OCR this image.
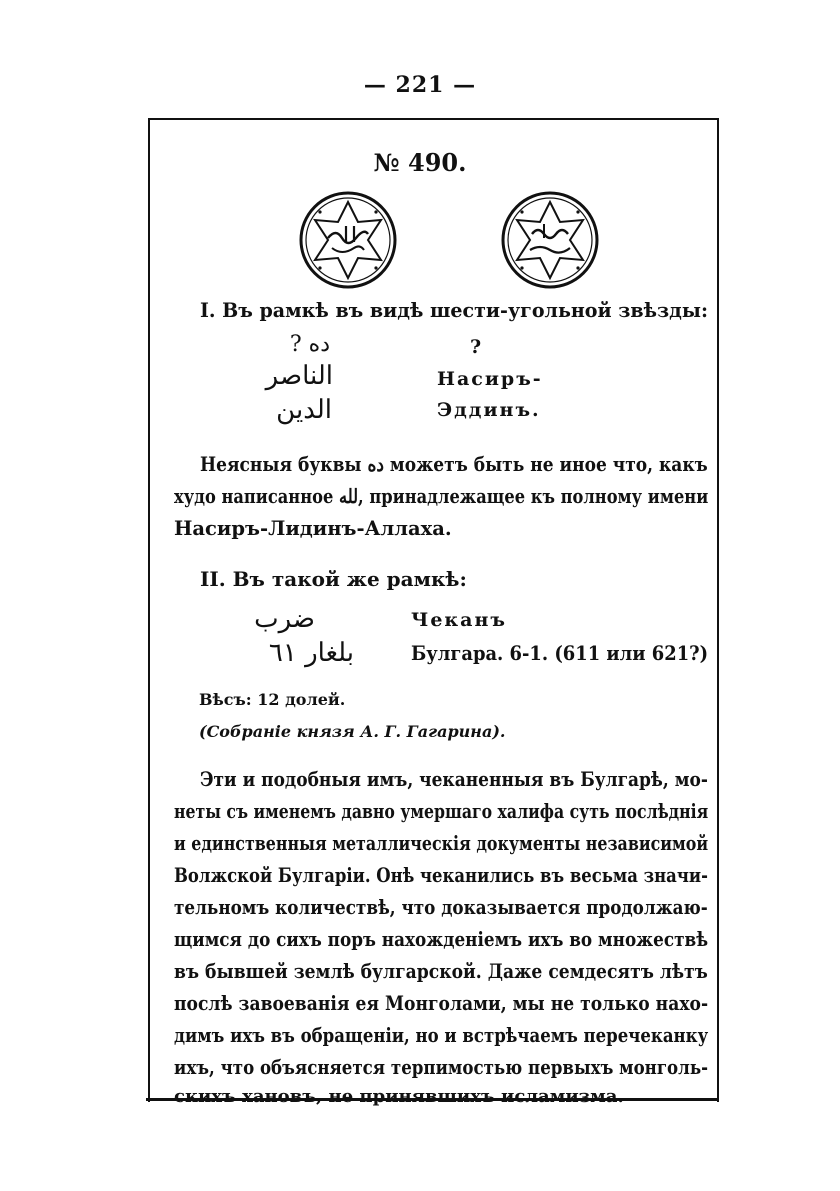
— 221 —
№ 490.
I. Въ рамкѣ въ видѣ шести-угольной звѣзды:
ده ?
الناصر
الدين
?
Насиръ-
Эддинъ.
Неясныя буквы ده можетъ быть не иное что, какъ
худо написанное لله, принадлежащее къ полному имени
Насиръ-Лидинъ-Аллаха.
II. Въ такой же рамкѣ:
ضرب
بلغار ٦١
Чеканъ
Булгара. 6-1. (611 или 621?)
Вѣсъ: 12 долей.
(Собранiе князя А. Г. Гагарина).
Эти и подобныя имъ, чеканенныя въ Булгарѣ, мо-
неты съ именемъ давно умершаго халифа суть послѣднiя
и единственныя металлическiя документы независимой
Волжской Булгарiи. Онѣ чеканились въ весьма значи-
тельномъ количествѣ, что доказывается продолжаю-
щимся до сихъ поръ нахожденiемъ ихъ во множествѣ
въ бывшей землѣ булгарской. Даже семдесятъ лѣтъ
послѣ завоеванiя ея Монголами, мы не только нахо-
димъ ихъ въ обращенiи, но и встрѣчаемъ перечеканку
ихъ, что объясняется терпимостью первыхъ монголь-
скихъ хановъ, не принявшихъ исламизма.
